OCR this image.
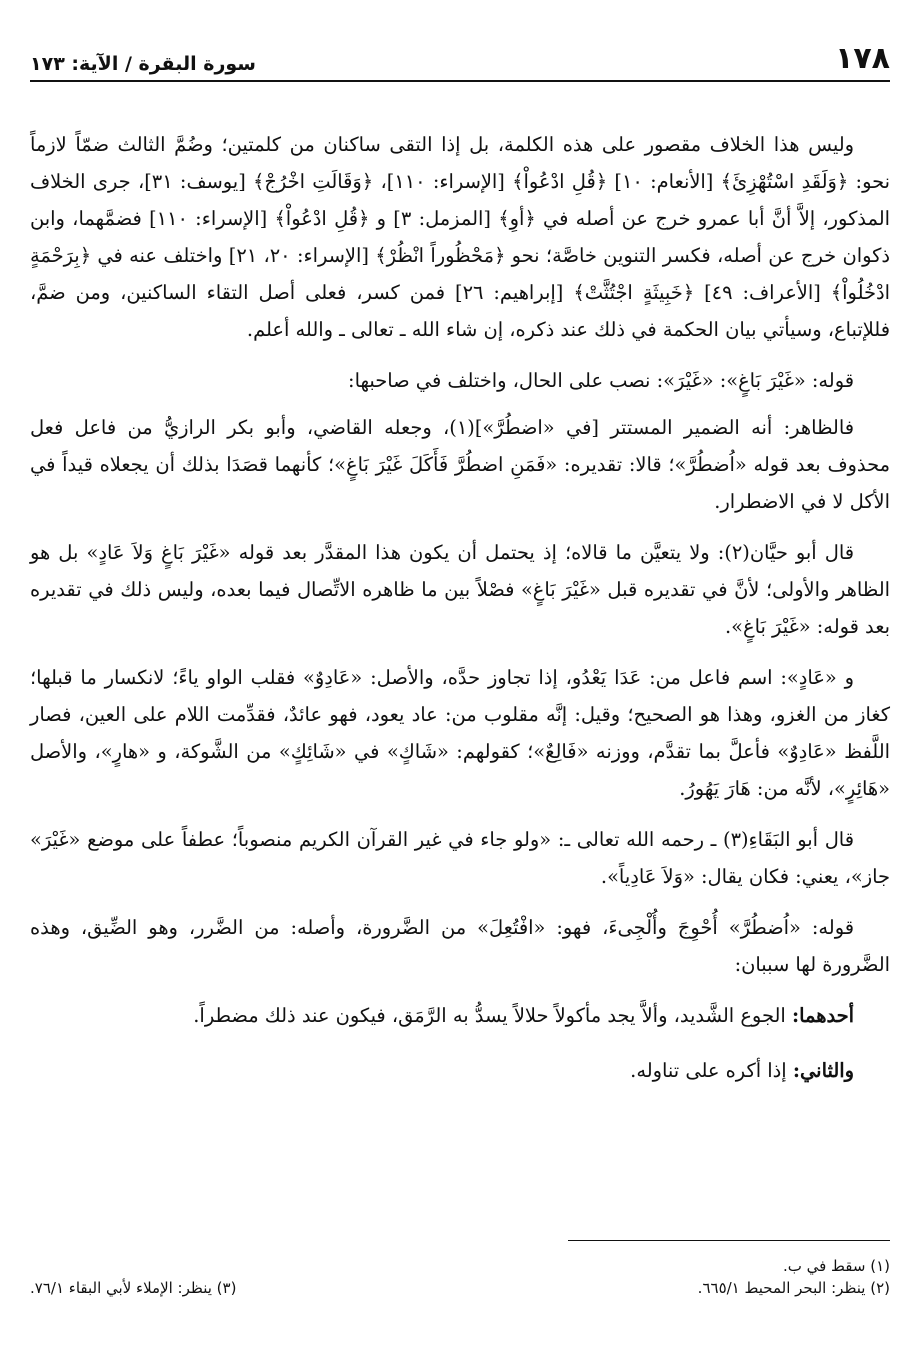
١٧٨
سورة البقرة / الآية: ١٧٣

وليس هذا الخلاف مقصور على هذه الكلمة، بل إذا التقى ساكنان من كلمتين؛ وضُمَّ الثالث ضمّاً لازماً نحو: ﴿وَلَقَدِ اسْتُهْزِئَ﴾ [الأنعام: ١٠] ﴿قُلِ ادْعُواْ﴾ [الإسراء: ١١٠]، ﴿وَقَالَتِ اخْرُجْ﴾ [يوسف: ٣١]، جرى الخلاف المذكور، إلاَّ أنَّ أبا عمرو خرج عن أصله في ﴿أوِ﴾ [المزمل: ٣] و ﴿قُلِ ادْعُواْ﴾ [الإسراء: ١١٠] فضمَّهما، وابن ذكوان خرج عن أصله، فكسر التنوين خاصَّة؛ نحو ﴿مَحْظُوراً انْظُرْ﴾ [الإسراء: ٢٠، ٢١] واختلف عنه في ﴿بِرَحْمَةٍ ادْخُلُواْ﴾ [الأعراف: ٤٩] ﴿خَبِيثَةٍ اجْتُثَّتْ﴾ [إبراهيم: ٢٦] فمن كسر، فعلى أصل التقاء الساكنين، ومن ضمَّ، فللإتباع، وسيأتي بيان الحكمة في ذلك عند ذكره، إن شاء الله ـ تعالى ـ والله أعلم.

قوله: «غَيْرَ بَاغٍ»: «غَيْرَ»: نصب على الحال، واختلف في صاحبها:

فالظاهر: أنه الضمير المستتر [في «اضطُرَّ»](١)، وجعله القاضي، وأبو بكر الرازيُّ من فاعل فعل محذوف بعد قوله «اُضطُرَّ»؛ قالا: تقديره: «فَمَنِ اضطُرَّ فَأَكَلَ غَيْرَ بَاغٍ»؛ كأنهما قصَدَا بذلك أن يجعلاه قيداً في الأكل لا في الاضطرار.

قال أبو حيَّان(٢): ولا يتعيَّن ما قالاه؛ إذ يحتمل أن يكون هذا المقدَّر بعد قوله «غَيْرَ بَاغٍ وَلاَ عَادٍ» بل هو الظاهر والأولى؛ لأنَّ في تقديره قبل «غَيْرَ بَاغٍ» فصْلاً بين ما ظاهره الاتِّصال فيما بعده، وليس ذلك في تقديره بعد قوله: «غَيْرَ بَاغٍ».

و «عَادٍ»: اسم فاعل من: عَدَا يَعْدُو، إذا تجاوز حدَّه، والأصل: «عَادِوٌ» فقلب الواو ياءً؛ لانكسار ما قبلها؛ كغاز من الغزو، وهذا هو الصحيح؛ وقيل: إنَّه مقلوب من: عاد يعود، فهو عائدٌ، فقدِّمت اللام على العين، فصار اللَّفظ «عَادِوٌ» فأعلَّ بما تقدَّم، ووزنه «فَالِعٌ»؛ كقولهم: «شَاكٍ» في «شَائِكٍ» من الشَّوكة، و «هارٍ»، والأصل «هَائِرٍ»، لأنَّه من: هَارَ يَهُورُ.

قال أبو البَقَاءِ(٣) ـ رحمه الله تعالى ـ: «ولو جاء في غير القرآن الكريم منصوباً؛ عطفاً على موضع «غَيْرَ» جاز»، يعني: فكان يقال: «وَلاَ عَادِياً».

قوله: «اُضطُرَّ» أُحْوِجَ وأُلْجِىءَ، فهو: «افْتُعِلَ» من الضَّرورة، وأصله: من الضَّرر، وهو الضِّيق، وهذه الضَّرورة لها سببان:

أحدهما: الجوع الشَّديد، وألاَّ يجد مأكولاً حلالاً يسدُّ به الرَّمَق، فيكون عند ذلك مضطراً.

والثاني: إذا أكره على تناوله.

(١) سقط في ب.

(٢) ينظر: البحر المحيط ٦٦٥/١.

(٣) ينظر: الإملاء لأبي البقاء ٧٦/١.
